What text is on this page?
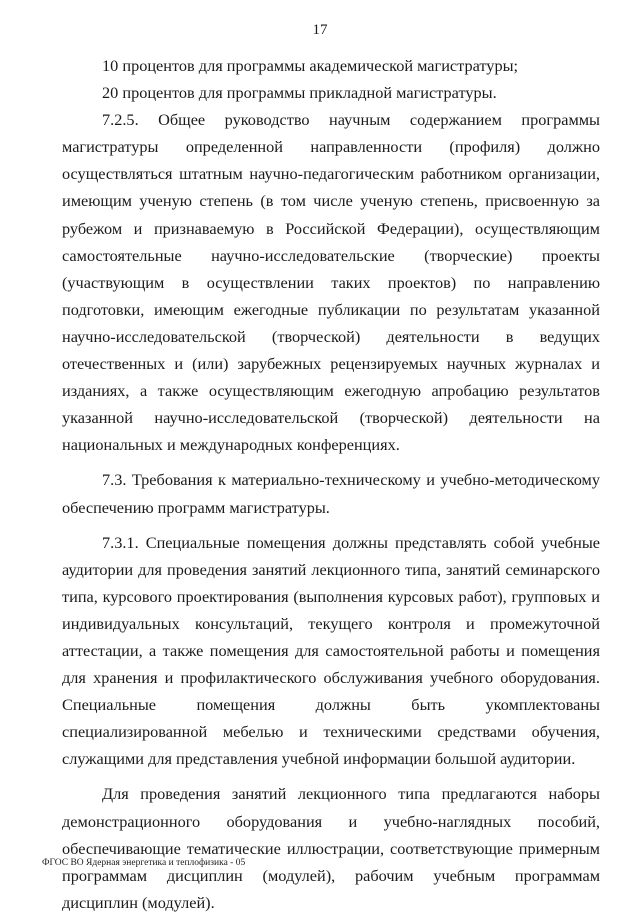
17

10 процентов для программы академической магистратуры;

20 процентов для программы прикладной магистратуры.

7.2.5. Общее руководство научным содержанием программы магистратуры определенной направленности (профиля) должно осуществляться штатным научно-педагогическим работником организации, имеющим ученую степень (в том числе ученую степень, присвоенную за рубежом и признаваемую в Российской Федерации), осуществляющим самостоятельные научно-исследовательские (творческие) проекты (участвующим в осуществлении таких проектов) по направлению подготовки, имеющим ежегодные публикации по результатам указанной научно-исследовательской (творческой) деятельности в ведущих отечественных и (или) зарубежных рецензируемых научных журналах и изданиях, а также осуществляющим ежегодную апробацию результатов указанной научно-исследовательской (творческой) деятельности на национальных и международных конференциях.

7.3. Требования к материально-техническому и учебно-методическому обеспечению программ магистратуры.

7.3.1. Специальные помещения должны представлять собой учебные аудитории для проведения занятий лекционного типа, занятий семинарского типа, курсового проектирования (выполнения курсовых работ), групповых и индивидуальных консультаций, текущего контроля и промежуточной аттестации, а также помещения для самостоятельной работы и помещения для хранения и профилактического обслуживания учебного оборудования. Специальные помещения должны быть укомплектованы специализированной мебелью и техническими средствами обучения, служащими для представления учебной информации большой аудитории.

Для проведения занятий лекционного типа предлагаются наборы демонстрационного оборудования и учебно-наглядных пособий, обеспечивающие тематические иллюстрации, соответствующие примерным программам дисциплин (модулей), рабочим учебным программам дисциплин (модулей).

ФГОС ВО Ядерная энергетика и теплофизика - 05
